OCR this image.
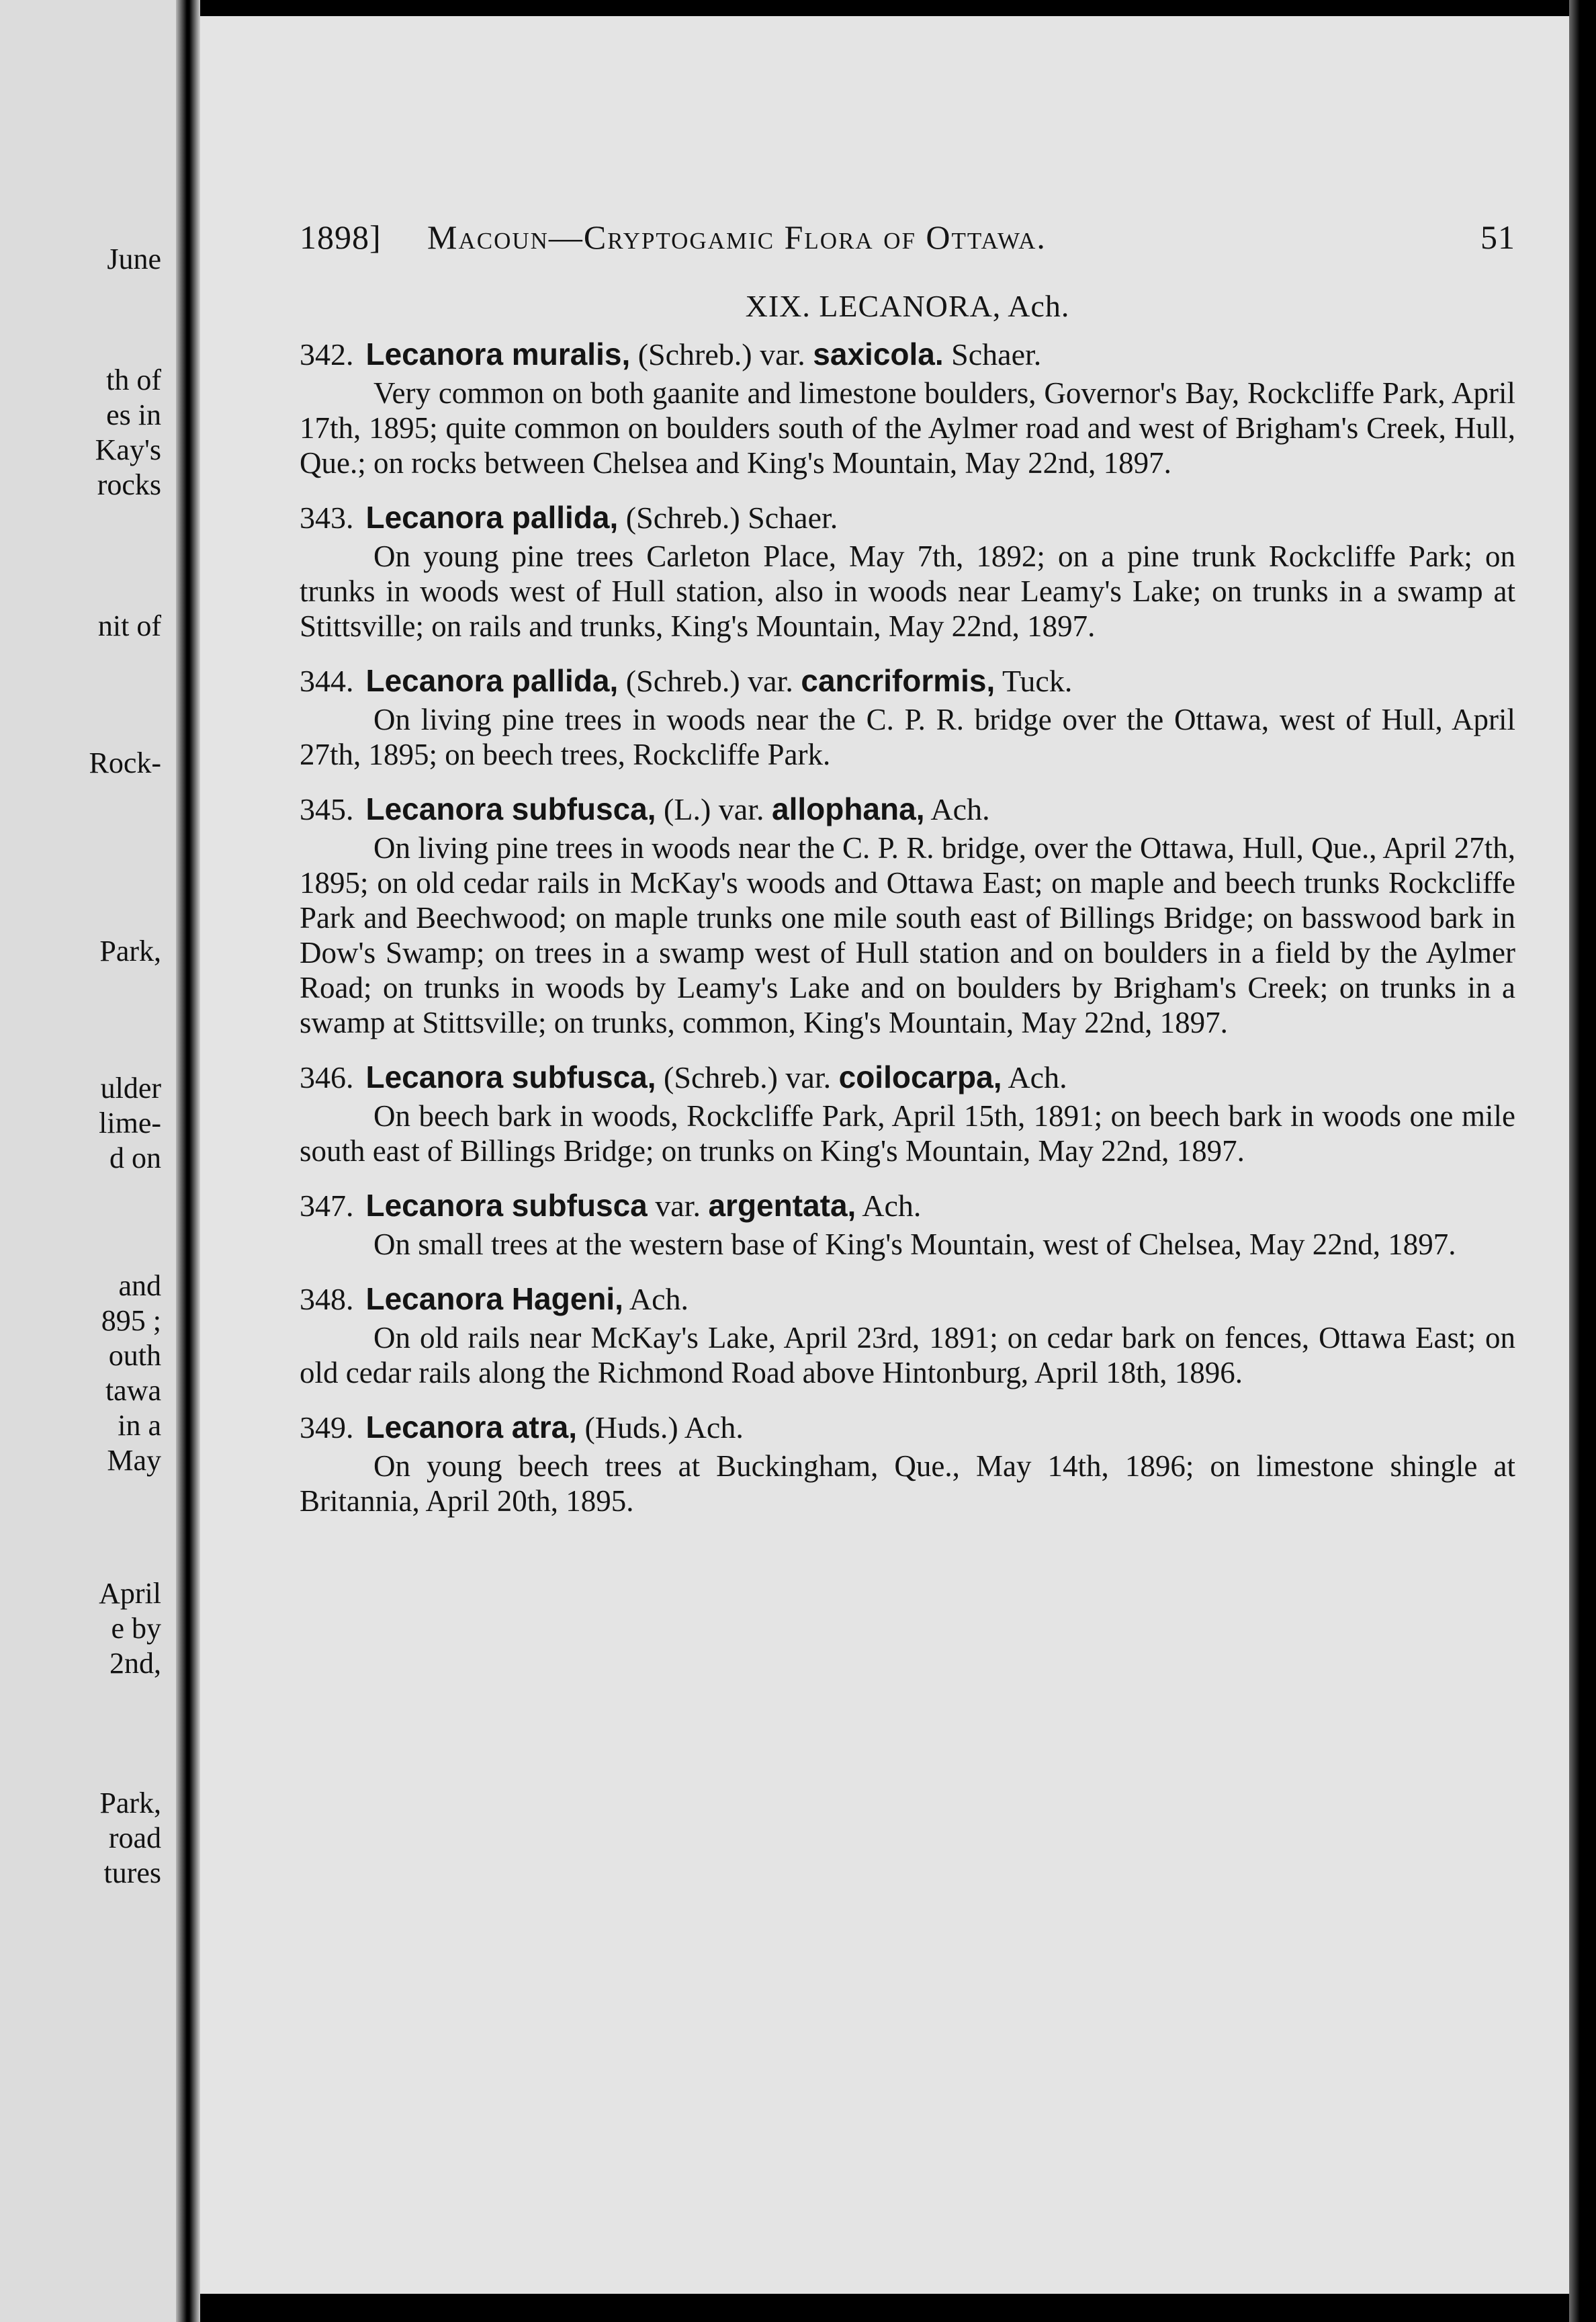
June
th of
es in
Kay's
rocks
nit of
Rock-
Park,
ulder
lime-
d on
and
895 ;
outh
tawa
in a
May
April
e by
2nd,
Park,
road
tures
1898] Macoun—Cryptogamic Flora of Ottawa.	51
XIX. LECANORA, Ach.
342. Lecanora muralis, (Schreb.) var. saxicola. Schaer.

Very common on both gaanite and limestone boulders, Governor's Bay, Rockcliffe Park, April 17th, 1895; quite common on boulders south of the Aylmer road and west of Brigham's Creek, Hull, Que.; on rocks between Chelsea and King's Mountain, May 22nd, 1897.

343. Lecanora pallida, (Schreb.) Schaer.

On young pine trees Carleton Place, May 7th, 1892; on a pine trunk Rockcliffe Park; on trunks in woods west of Hull station, also in woods near Leamy's Lake; on trunks in a swamp at Stittsville; on rails and trunks, King's Mountain, May 22nd, 1897.

344. Lecanora pallida, (Schreb.) var. cancriformis, Tuck.

On living pine trees in woods near the C. P. R. bridge over the Ottawa, west of Hull, April 27th, 1895; on beech trees, Rockcliffe Park.

345. Lecanora subfusca, (L.) var. allophana, Ach.

On living pine trees in woods near the C. P. R. bridge, over the Ottawa, Hull, Que., April 27th, 1895; on old cedar rails in McKay's woods and Ottawa East; on maple and beech trunks Rockcliffe Park and Beechwood; on maple trunks one mile south east of Billings Bridge; on basswood bark in Dow's Swamp; on trees in a swamp west of Hull station and on boulders in a field by the Aylmer Road; on trunks in woods by Leamy's Lake and on boulders by Brigham's Creek; on trunks in a swamp at Stittsville; on trunks, common, King's Mountain, May 22nd, 1897.

346. Lecanora subfusca, (Schreb.) var. coilocarpa, Ach.

On beech bark in woods, Rockcliffe Park, April 15th, 1891; on beech bark in woods one mile south east of Billings Bridge; on trunks on King's Mountain, May 22nd, 1897.

347. Lecanora subfusca var. argentata, Ach.

On small trees at the western base of King's Mountain, west of Chelsea, May 22nd, 1897.

348. Lecanora Hageni, Ach.

On old rails near McKay's Lake, April 23rd, 1891; on cedar bark on fences, Ottawa East; on old cedar rails along the Richmond Road above Hintonburg, April 18th, 1896.

349. Lecanora atra, (Huds.) Ach.

On young beech trees at Buckingham, Que., May 14th, 1896; on limestone shingle at Britannia, April 20th, 1895.
